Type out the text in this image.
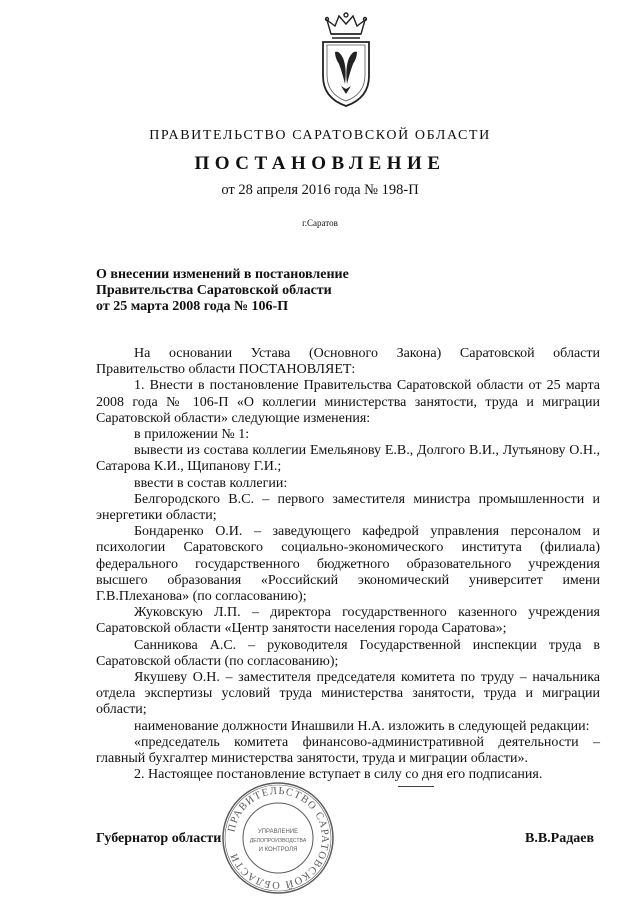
ПРАВИТЕЛЬСТВО САРАТОВСКОЙ ОБЛАСТИ
ПОСТАНОВЛЕНИЕ
от 28 апреля 2016 года № 198-П
г.Саратов
О внесении изменений в постановление
Правительства Саратовской области
от 25 марта 2008 года № 106-П

На основании Устава (Основного Закона) Саратовской области Правительство области ПОСТАНОВЛЯЕТ:

1. Внести в постановление Правительства Саратовской области от 25 марта 2008 года № 106-П «О коллегии министерства занятости, труда и миграции Саратовской области» следующие изменения:

в приложении № 1:

вывести из состава коллегии Емельянову Е.В., Долгого В.И., Лутьянову О.Н., Сатарова К.И., Щипанову Г.И.;

ввести в состав коллегии:

Белгородского В.С. – первого заместителя министра промышленности и энергетики области;

Бондаренко О.И. – заведующего кафедрой управления персоналом и психологии Саратовского социально-экономического института (филиала) федерального государственного бюджетного образовательного учреждения высшего образования «Российский экономический университет имени Г.В.Плеханова» (по согласованию);

Жуковскую Л.П. – директора государственного казенного учреждения Саратовской области «Центр занятости населения города Саратова»;

Санникова А.С. – руководителя Государственной инспекции труда в Саратовской области (по согласованию);

Якушеву О.Н. – заместителя председателя комитета по труду – начальника отдела экспертизы условий труда министерства занятости, труда и миграции области;

наименование должности Инашвили Н.А. изложить в следующей редакции:

«председатель комитета финансово-административной деятельности – главный бухгалтер министерства занятости, труда и миграции области».

2. Настоящее постановление вступает в силу со дня его подписания.

ПРАВИТЕЛЬСТВО САРАТОВСКОЙ ОБЛАСТИ
УПРАВЛЕНИЕ
ДЕЛОПРОИЗВОДСТВА
И КОНТРОЛЯ
Губернатор области	В.В.Радаев
